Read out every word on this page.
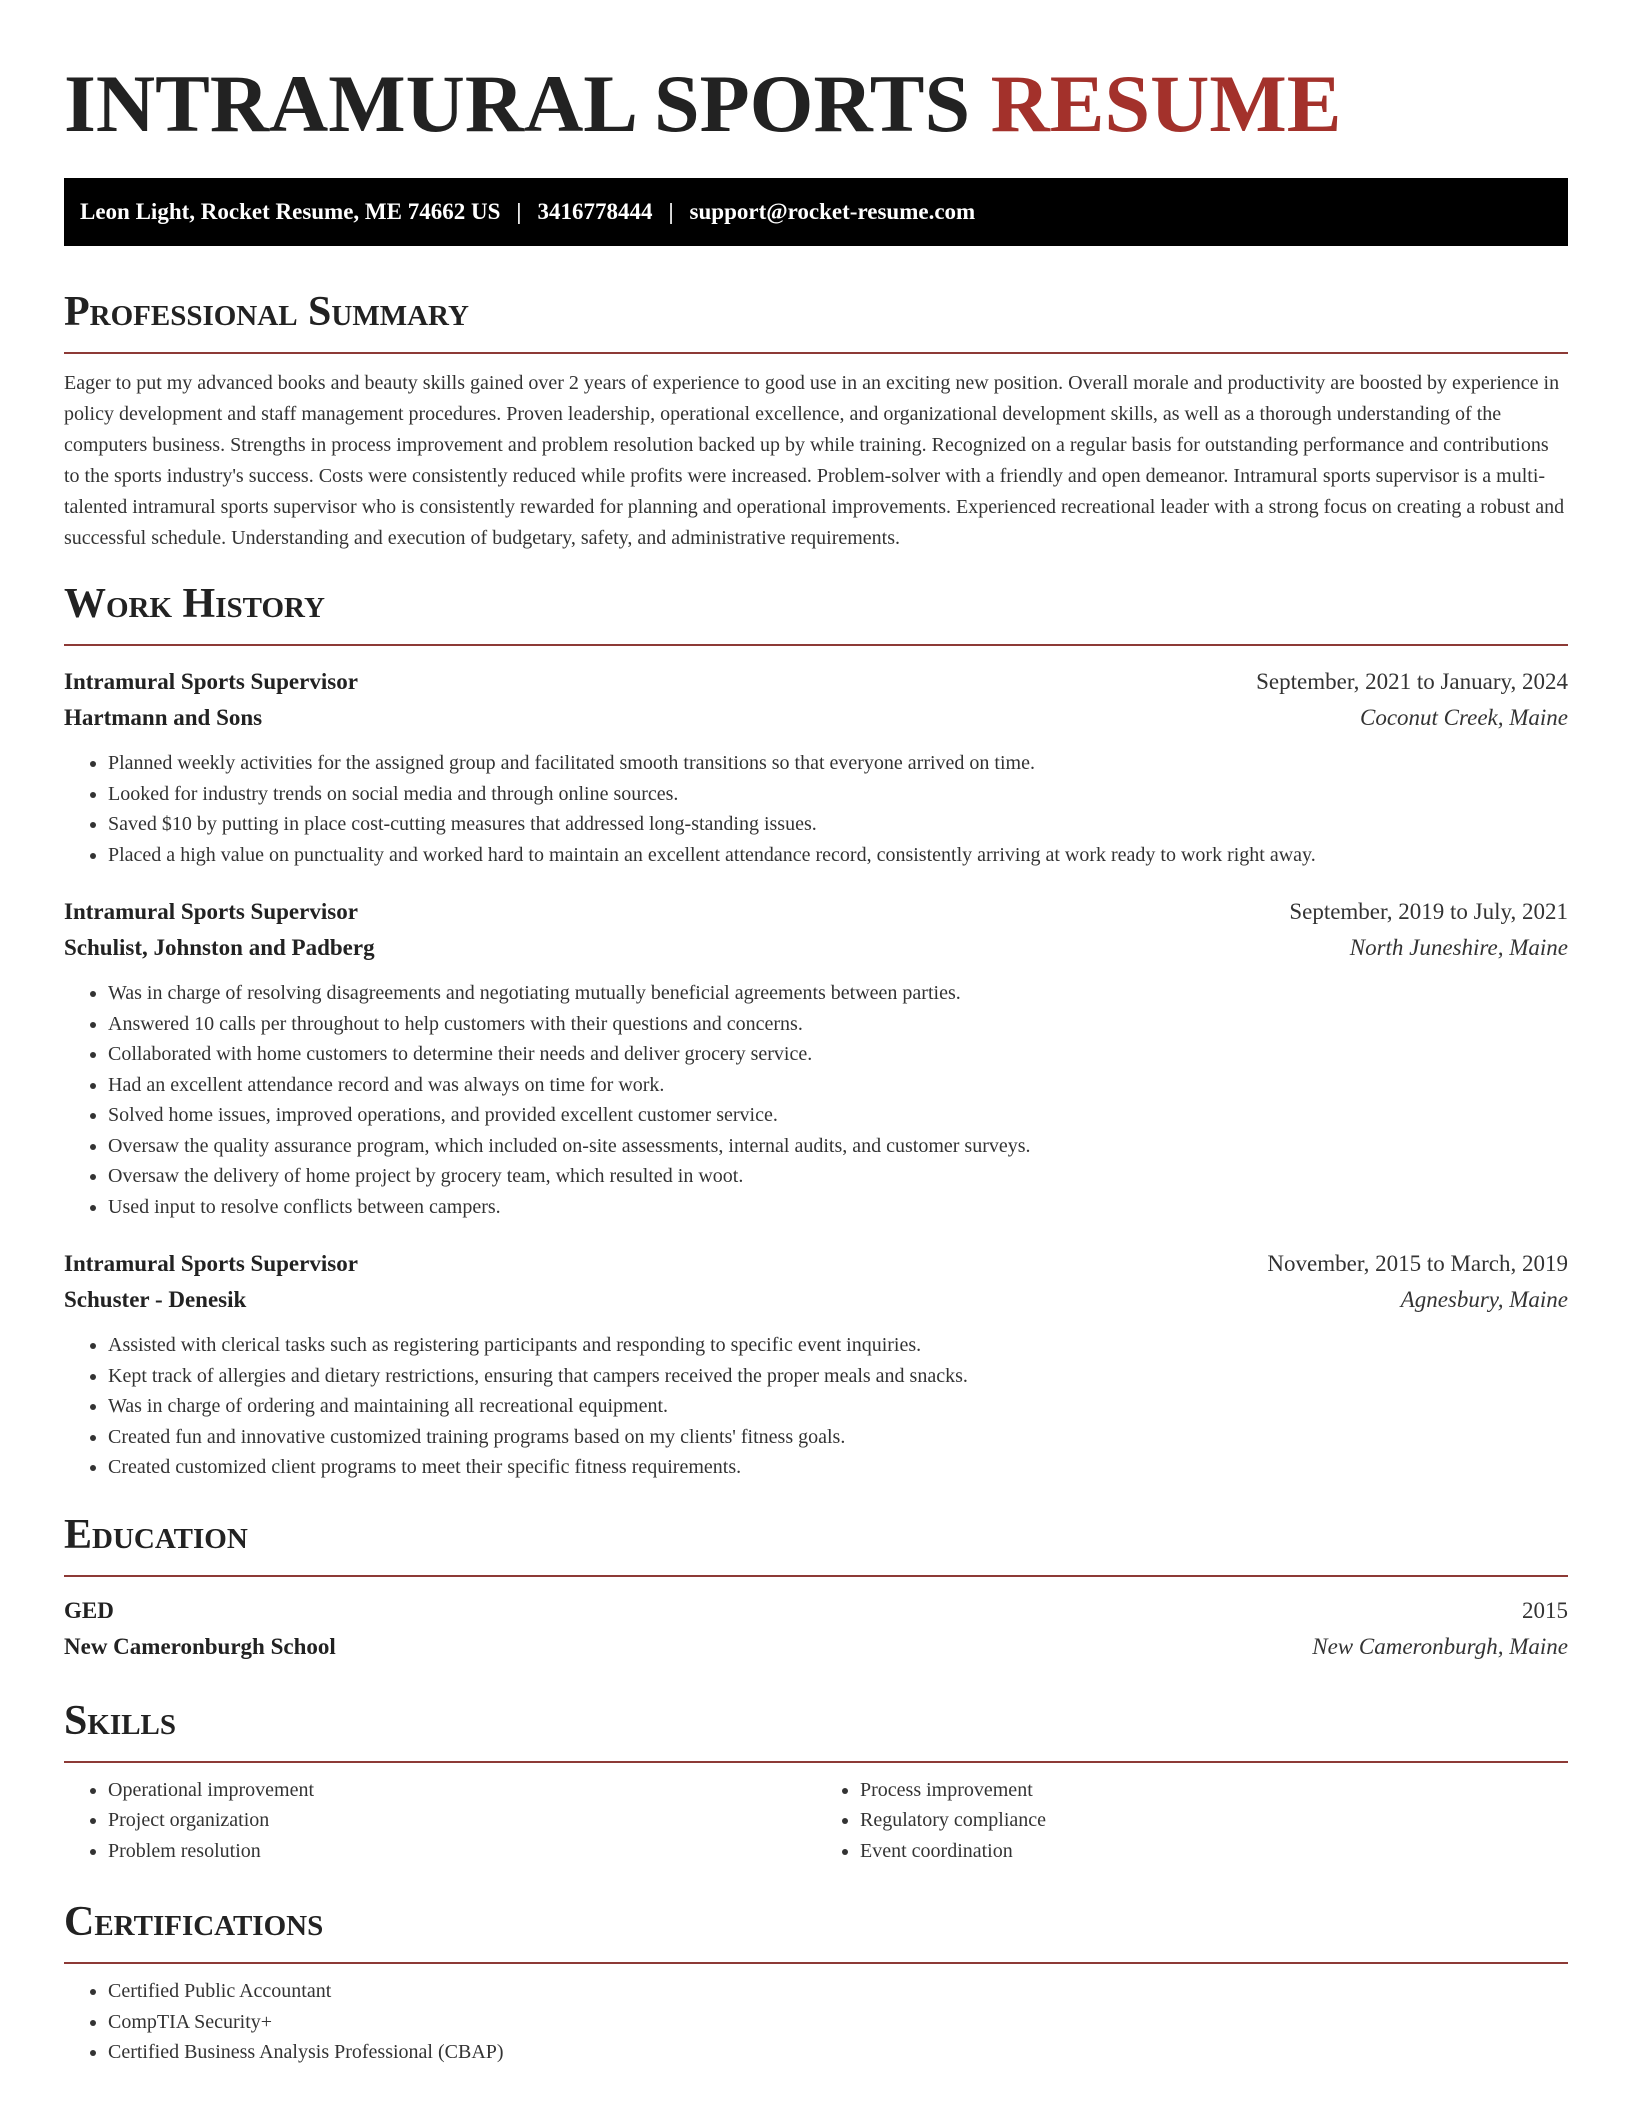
INTRAMURAL SPORTS RESUME
Leon Light, Rocket Resume, ME 74662 US | 3416778444 | support@rocket-resume.com
Professional Summary

Eager to put my advanced books and beauty skills gained over 2 years of experience to good use in an exciting new position. Overall morale and productivity are boosted by experience in policy development and staff management procedures. Proven leadership, operational excellence, and organizational development skills, as well as a thorough understanding of the computers business. Strengths in process improvement and problem resolution backed up by while training. Recognized on a regular basis for outstanding performance and contributions to the sports industry's success. Costs were consistently reduced while profits were increased. Problem-solver with a friendly and open demeanor. Intramural sports supervisor is a multi-talented intramural sports supervisor who is consistently rewarded for planning and operational improvements. Experienced recreational leader with a strong focus on creating a robust and successful schedule. Understanding and execution of budgetary, safety, and administrative requirements.

Work History
Intramural Sports Supervisor	September, 2021 to January, 2024
Hartmann and Sons	Coconut Creek, Maine
• Planned weekly activities for the assigned group and facilitated smooth transitions so that everyone arrived on time.
• Looked for industry trends on social media and through online sources.
• Saved $10 by putting in place cost-cutting measures that addressed long-standing issues.
• Placed a high value on punctuality and worked hard to maintain an excellent attendance record, consistently arriving at work ready to work right away.
Intramural Sports Supervisor	September, 2019 to July, 2021
Schulist, Johnston and Padberg	North Juneshire, Maine
• Was in charge of resolving disagreements and negotiating mutually beneficial agreements between parties.
• Answered 10 calls per throughout to help customers with their questions and concerns.
• Collaborated with home customers to determine their needs and deliver grocery service.
• Had an excellent attendance record and was always on time for work.
• Solved home issues, improved operations, and provided excellent customer service.
• Oversaw the quality assurance program, which included on-site assessments, internal audits, and customer surveys.
• Oversaw the delivery of home project by grocery team, which resulted in woot.
• Used input to resolve conflicts between campers.
Intramural Sports Supervisor	November, 2015 to March, 2019
Schuster - Denesik	Agnesbury, Maine
• Assisted with clerical tasks such as registering participants and responding to specific event inquiries.
• Kept track of allergies and dietary restrictions, ensuring that campers received the proper meals and snacks.
• Was in charge of ordering and maintaining all recreational equipment.
• Created fun and innovative customized training programs based on my clients' fitness goals.
• Created customized client programs to meet their specific fitness requirements.
Education
GED	2015
New Cameronburgh School	New Cameronburgh, Maine
Skills
• Operational improvement
• Project organization
• Problem resolution
• Process improvement
• Regulatory compliance
• Event coordination
Certifications
• Certified Public Accountant
• CompTIA Security+
• Certified Business Analysis Professional (CBAP)
